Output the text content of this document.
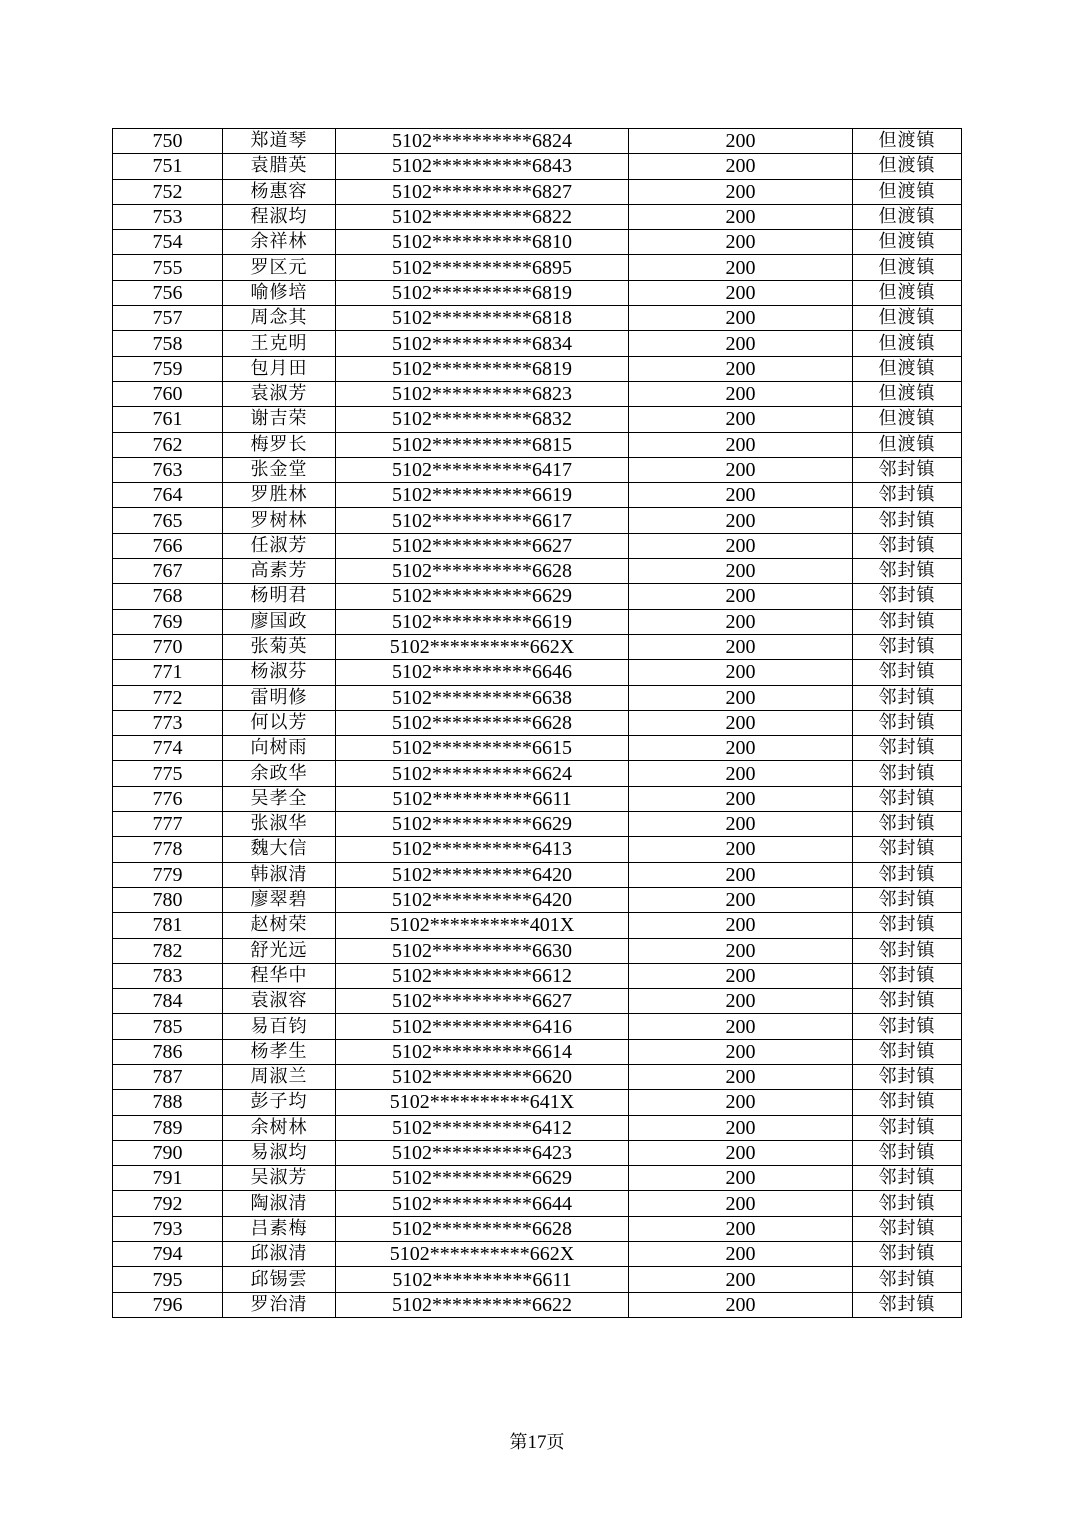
750	郑道琴	5102**********6824	200	但渡镇
751	袁腊英	5102**********6843	200	但渡镇
752	杨惠容	5102**********6827	200	但渡镇
753	程淑均	5102**********6822	200	但渡镇
754	余祥林	5102**********6810	200	但渡镇
755	罗区元	5102**********6895	200	但渡镇
756	喻修培	5102**********6819	200	但渡镇
757	周念其	5102**********6818	200	但渡镇
758	王克明	5102**********6834	200	但渡镇
759	包月田	5102**********6819	200	但渡镇
760	袁淑芳	5102**********6823	200	但渡镇
761	谢吉荣	5102**********6832	200	但渡镇
762	梅罗长	5102**********6815	200	但渡镇
763	张金堂	5102**********6417	200	邻封镇
764	罗胜林	5102**********6619	200	邻封镇
765	罗树林	5102**********6617	200	邻封镇
766	任淑芳	5102**********6627	200	邻封镇
767	高素芳	5102**********6628	200	邻封镇
768	杨明君	5102**********6629	200	邻封镇
769	廖国政	5102**********6619	200	邻封镇
770	张菊英	5102**********662X	200	邻封镇
771	杨淑芬	5102**********6646	200	邻封镇
772	雷明修	5102**********6638	200	邻封镇
773	何以芳	5102**********6628	200	邻封镇
774	向树雨	5102**********6615	200	邻封镇
775	余政华	5102**********6624	200	邻封镇
776	吴孝全	5102**********6611	200	邻封镇
777	张淑华	5102**********6629	200	邻封镇
778	魏大信	5102**********6413	200	邻封镇
779	韩淑清	5102**********6420	200	邻封镇
780	廖翠碧	5102**********6420	200	邻封镇
781	赵树荣	5102**********401X	200	邻封镇
782	舒光远	5102**********6630	200	邻封镇
783	程华中	5102**********6612	200	邻封镇
784	袁淑容	5102**********6627	200	邻封镇
785	易百钧	5102**********6416	200	邻封镇
786	杨孝生	5102**********6614	200	邻封镇
787	周淑兰	5102**********6620	200	邻封镇
788	彭子均	5102**********641X	200	邻封镇
789	余树林	5102**********6412	200	邻封镇
790	易淑均	5102**********6423	200	邻封镇
791	吴淑芳	5102**********6629	200	邻封镇
792	陶淑清	5102**********6644	200	邻封镇
793	吕素梅	5102**********6628	200	邻封镇
794	邱淑清	5102**********662X	200	邻封镇
795	邱锡雲	5102**********6611	200	邻封镇
796	罗治清	5102**********6622	200	邻封镇
第17页
